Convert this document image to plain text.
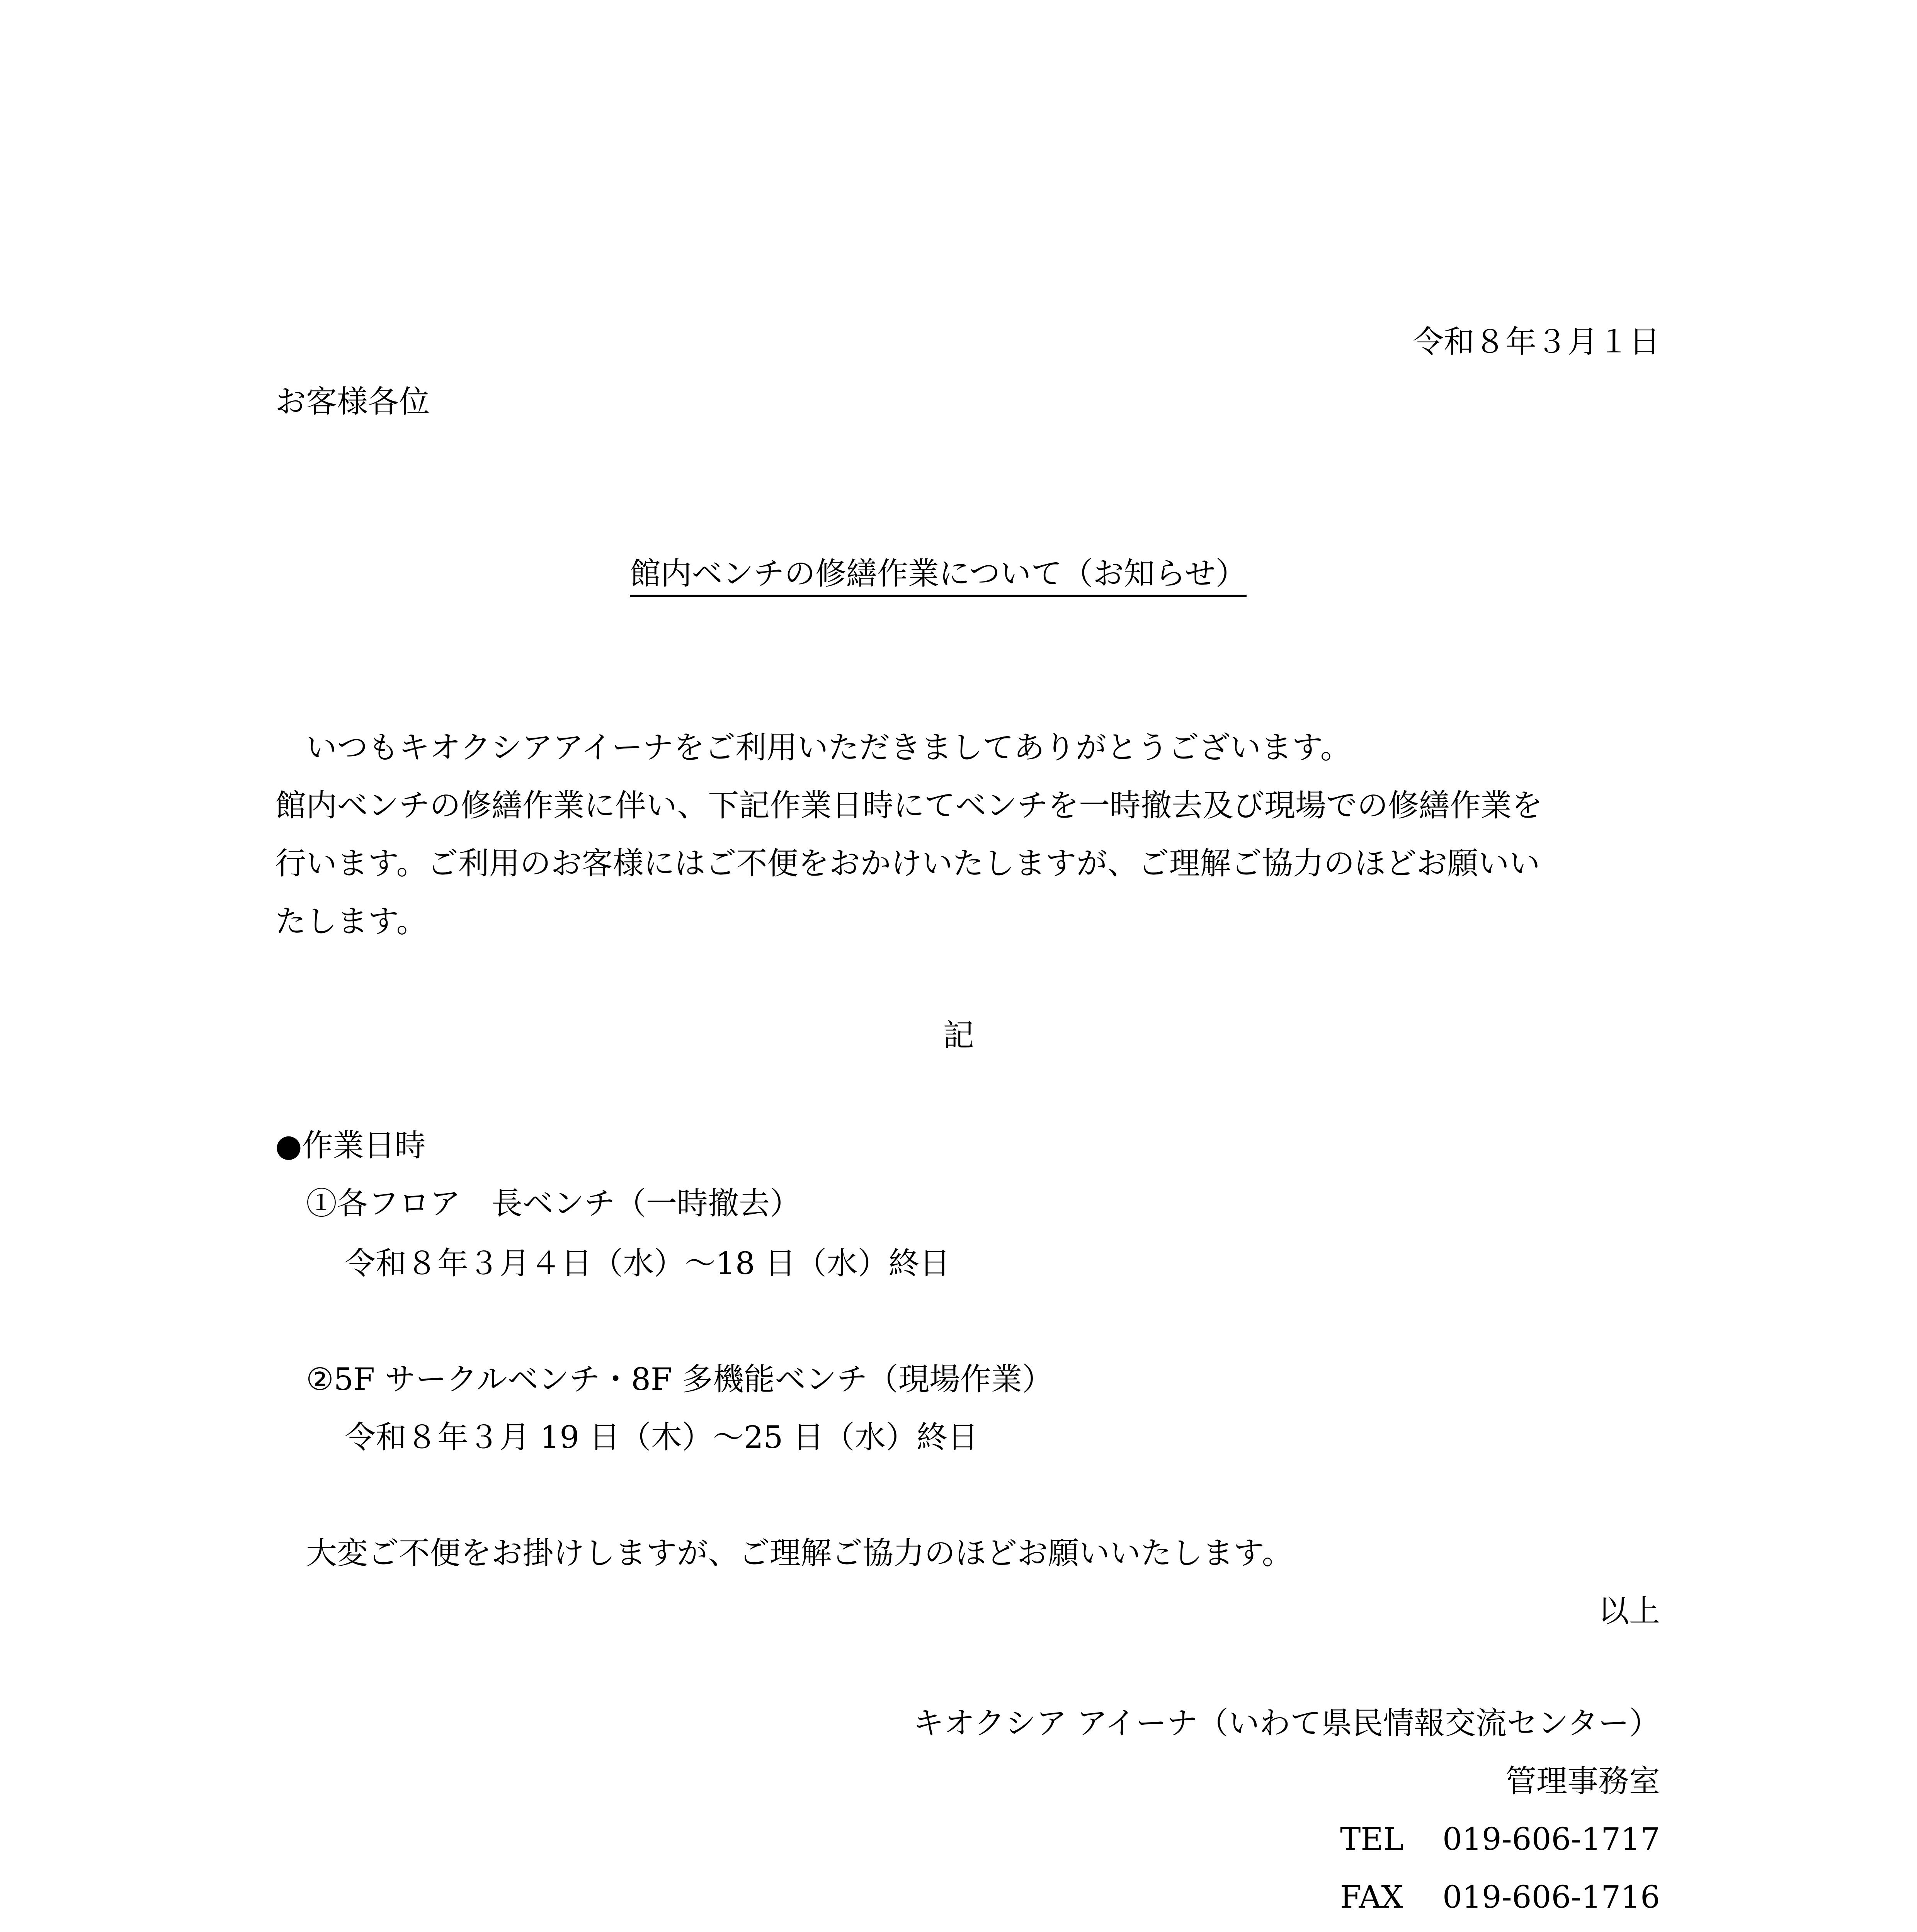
令和８年３月１日
お客様各位
館内ベンチの修繕作業について（お知らせ）
いつもキオクシアアイーナをご利用いただきましてありがとうございます。
館内ベンチの修繕作業に伴い、下記作業日時にてベンチを一時撤去及び現場での修繕作業を
行います。ご利用のお客様にはご不便をおかけいたしますが、ご理解ご協力のほどお願いい
たします。
記
●作業日時
①各フロア　長ベンチ（一時撤去）
令和８年３月４日（水）～18 日（水）終日
②5F サークルベンチ・8F 多機能ベンチ（現場作業）
令和８年３月 19 日（木）～25 日（水）終日
大変ご不便をお掛けしますが、ご理解ご協力のほどお願いいたします。
以上
キオクシア アイーナ（いわて県民情報交流センター）
管理事務室
TEL 019-606-1717
FAX 019-606-1716
